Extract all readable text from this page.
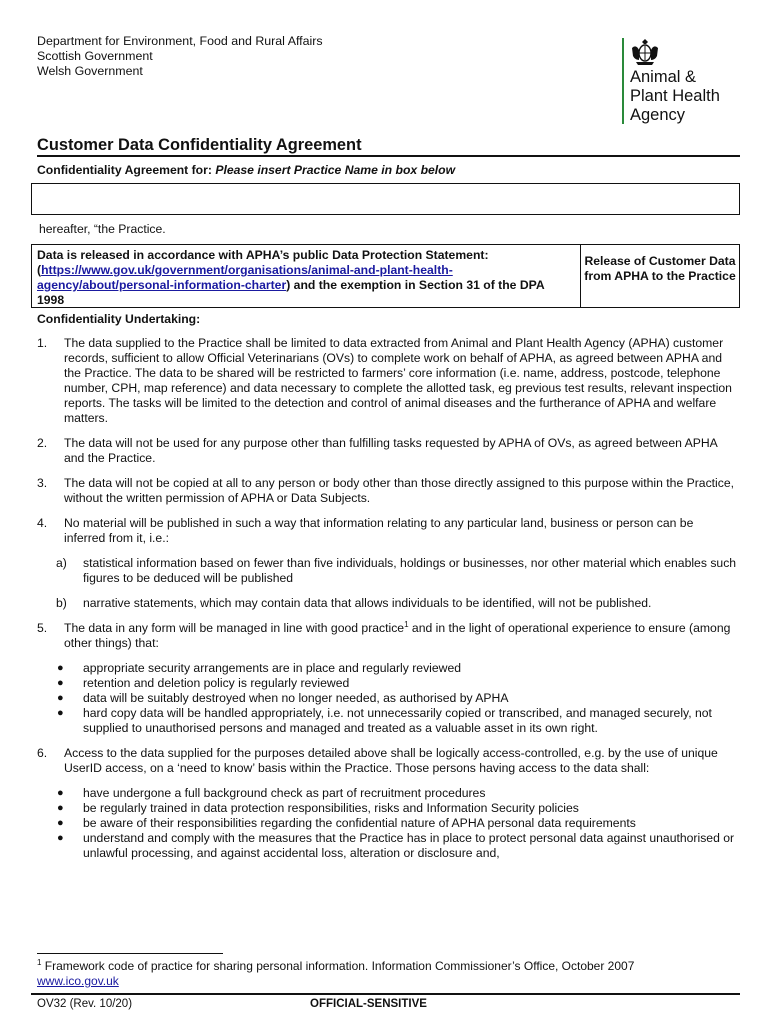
Department for Environment, Food and Rural Affairs
Scottish Government
Welsh Government	Animal &
Plant Health
Agency
Customer Data Confidentiality Agreement
Confidentiality Agreement for: Please insert Practice Name in box below
hereafter, “the Practice.
Data is released in accordance with APHA’s public Data Protection Statement:
(https://www.gov.uk/government/organisations/animal-and-plant-health-agency/about/personal-information-charter) and the exemption in Section 31 of the DPA 1998
Release of Customer Data from APHA to the Practice
Confidentiality Undertaking:
1. The data supplied to the Practice shall be limited to data extracted from Animal and Plant Health Agency (APHA) customer records, sufficient to allow Official Veterinarians (OVs) to complete work on behalf of APHA, as agreed between APHA and the Practice. The data to be shared will be restricted to farmers’ core information (i.e. name, address, postcode, telephone number, CPH, map reference) and data necessary to complete the allotted task, eg previous test results, relevant inspection reports. The tasks will be limited to the detection and control of animal diseases and the furtherance of APHA and welfare matters.
2. The data will not be used for any purpose other than fulfilling tasks requested by APHA of OVs, as agreed between APHA and the Practice.
3. The data will not be copied at all to any person or body other than those directly assigned to this purpose within the Practice, without the written permission of APHA or Data Subjects.
4. No material will be published in such a way that information relating to any particular land, business or person can be inferred from it, i.e.:
a) statistical information based on fewer than five individuals, holdings or businesses, nor other material which enables such figures to be deduced will be published
b) narrative statements, which may contain data that allows individuals to be identified, will not be published.
5. The data in any form will be managed in line with good practice$^1$ and in the light of operational experience to ensure (among other things) that:
● appropriate security arrangements are in place and regularly reviewed
● retention and deletion policy is regularly reviewed
● data will be suitably destroyed when no longer needed, as authorised by APHA
● hard copy data will be handled appropriately, i.e. not unnecessarily copied or transcribed, and managed securely, not supplied to unauthorised persons and managed and treated as a valuable asset in its own right.
6. Access to the data supplied for the purposes detailed above shall be logically access-controlled, e.g. by the use of unique UserID access, on a ‘need to know’ basis within the Practice. Those persons having access to the data shall:
● have undergone a full background check as part of recruitment procedures
● be regularly trained in data protection responsibilities, risks and Information Security policies
● be aware of their responsibilities regarding the confidential nature of APHA personal data requirements
● understand and comply with the measures that the Practice has in place to protect personal data against unauthorised or unlawful processing, and against accidental loss, alteration or disclosure and,
$^1$ Framework code of practice for sharing personal information. Information Commissioner’s Office, October 2007
www.ico.gov.uk
OV32 (Rev. 10/20)	OFFICIAL-SENSITIVE
